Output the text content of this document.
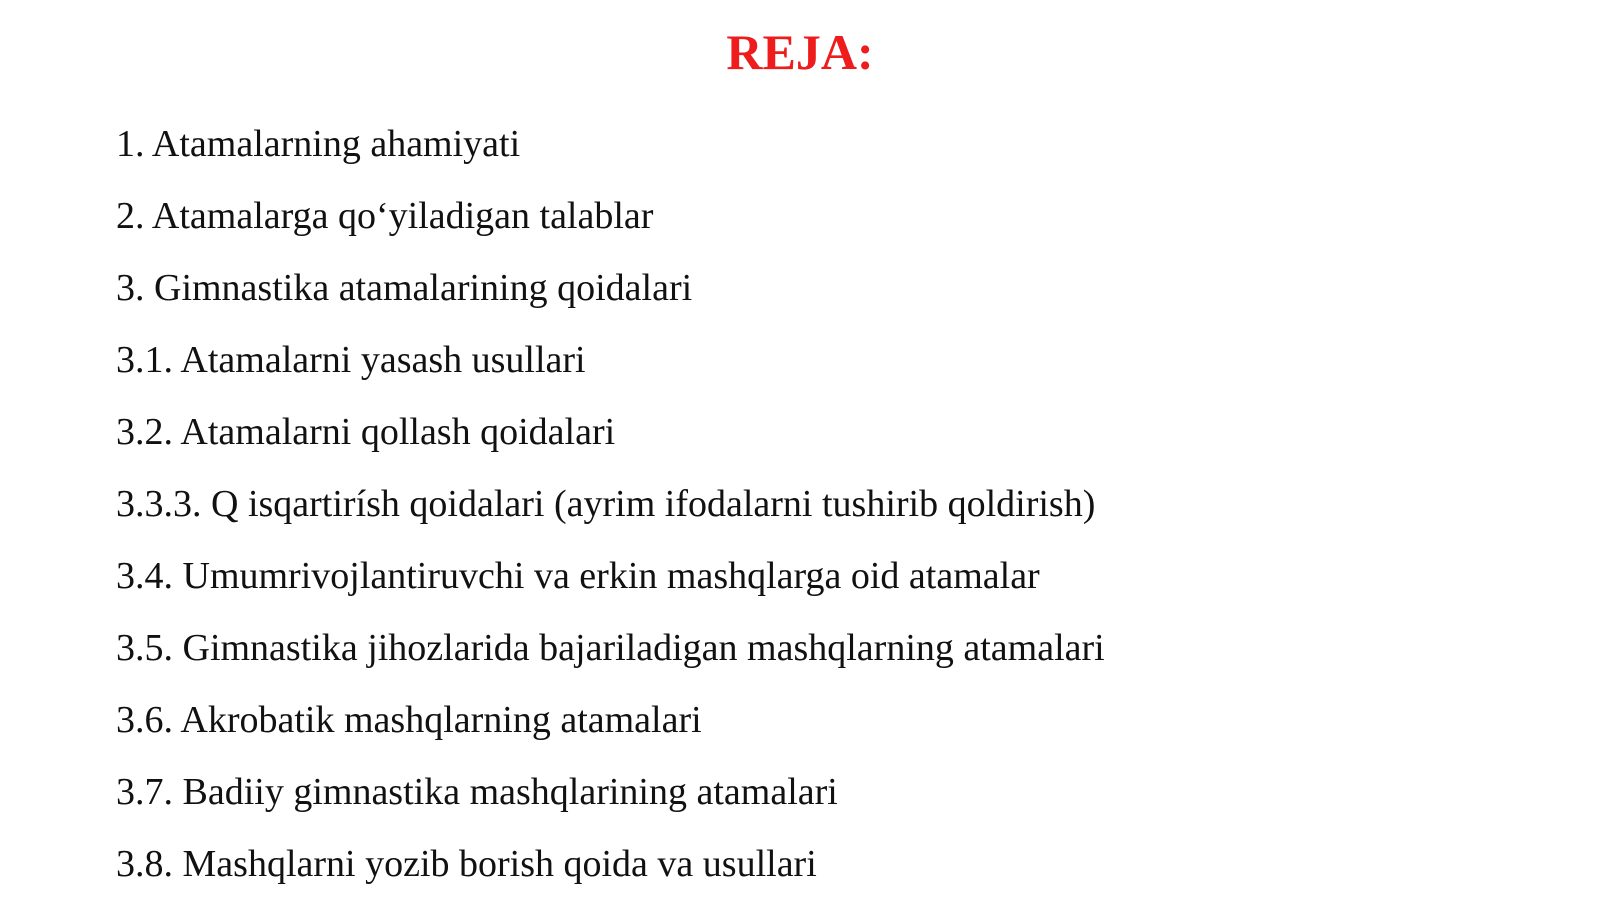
REJA:
1. Atamalarning ahamiyati
2. Atamalarga qo‘yiladigan talablar
3. Gimnastika atamalarining qoidalari
3.1. Atamalarni yasash usullari
3.2. Atamalarni qollash qoidalari
3.3.3. Q isqartirísh qoidalari (ayrim ifodalarni tushirib qoldirish)
3.4. Umumrivojlantiruvchi va erkin mashqlarga oid atamalar
3.5. Gimnastika jihozlarida bajariladigan mashqlarning atamalari
3.6. Akrobatik mashqlarning atamalari
3.7. Badiiy gimnastika mashqlarining atamalari
3.8. Mashqlarni yozib borish qoida va usullari
